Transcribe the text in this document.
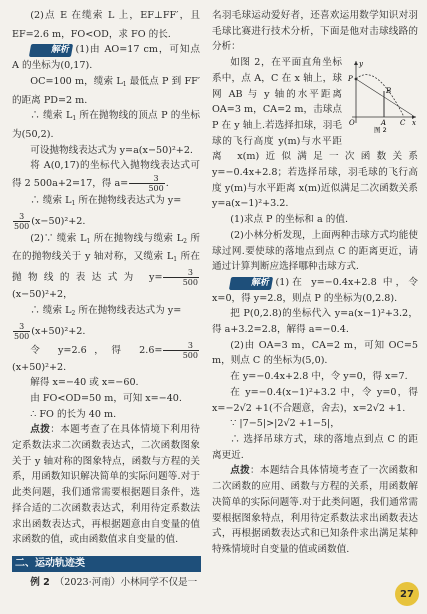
(2)点 E 在缆索 L 上，EF⊥FF′，且 EF=2.6 m，FO<OD，求 FO 的长.

解析 (1)由 AO=17 cm，可知点 A 的坐标为(0,17).

OC=100 m，缆索 $L_1$ 最低点 P 到 FF′ 的距离 PD=2 m.

∴ 缆索 $L_1$ 所在抛物线的顶点 P 的坐标为(50,2).

可设抛物线表达式为 y=a(x−50)²+2.

将 A(0,17)的坐标代入抛物线表达式可得 2 500a+2=17，得 $a= \frac{3}{500}$ .

∴ 缆索 $L_1$ 所在抛物线表达式为 y=

$\frac{3}{500} (x-50)^2+2$.

(2)∵ 缆索 $L_1$ 所在抛物线与缆索 $L_2$ 所在的抛物线关于 y 轴对称，又缆索 $L_1$ 所在抛物线的表达式为 $y= \frac{3}{500}$
(x−50)²+2，

∴ 缆索 $L_2$ 所在抛物线表达式为 y=

$\frac{3}{500} (x+50)^2+2$.

令 y=2.6，得 $2.6= \frac{3}{500}$
(x+50)²+2.

解得 x=−40 或 x=−60.

由 FO<OD=50 m，可知 x=−40.

∴ FO 的长为 40 m.

点拨：本题考查了在具体情境下利用待定系数法求二次函数表达式，二次函数图象关于 y 轴对称的图象特点，函数与方程的关系，用函数知识解决简单的实际问题等.对于此类问题，我们通常需要根据题目条件，选择合适的二次函数表达式，利用待定系数法求出函数表达式，再根据题意由自变量的值求函数的值，或由函数值求自变量的值.

二、运动轨迹类

例 2　 （2023·河南）小林同学不仅是一

名羽毛球运动爱好者，还喜欢运用数学知识对羽毛球比赛进行技术分析，下面是他对击球线路的分析：

y
x
O	A
B
C
P
图 2

如图 2，在平面直角坐标系中，点 A，C 在 x 轴上，球网 AB 与 y 轴的水平距离 OA=3 m，CA=2 m，击球点 P 在 y 轴上.若选择扣球，羽毛球的飞行高度 y(m)与水平距离 x(m)近似满足一次函数关系 y=−0.4x+2.8；若选择吊球，羽毛球的飞行高度 y(m)与水平距离 x(m)近似满足二次函数关系 y=a(x−1)²+3.2.

(1)求点 P 的坐标和 a 的值.

(2)小林分析发现，上面两种击球方式均能使球过网.要使球的落地点到点 C 的距离更近，请通过计算判断应选择哪种击球方式.

解析 (1)在 y=−0.4x+2.8 中，令 x=0，得 y=2.8，则点 P 的坐标为(0,2.8).

把 P(0,2.8)的坐标代入 y=a(x−1)²+3.2，得 a+3.2=2.8，解得 a=−0.4.

(2)由 OA=3 m，CA=2 m，可知 OC=5 m，则点 C 的坐标为(5,0).

在 y=−0.4x+2.8 中，令 y=0，得 x=7.

在 y=−0.4(x−1)²+3.2 中，令 y=0，得 x=−2√2 +1(不合题意，舍去)，x=2√2 +1.

∵ |7−5|>|2√2 +1−5|，

∴ 选择吊球方式，球的落地点到点 C 的距离更近.

点拨：本题结合具体情境考查了一次函数和二次函数的应用、函数与方程的关系，用函数解决简单的实际问题等.对于此类问题，我们通常需要根据图象特点，利用待定系数法求出函数表达式，再根据函数表达式和已知条件求出满足某种特殊情境时自变量的值或函数值.

27
